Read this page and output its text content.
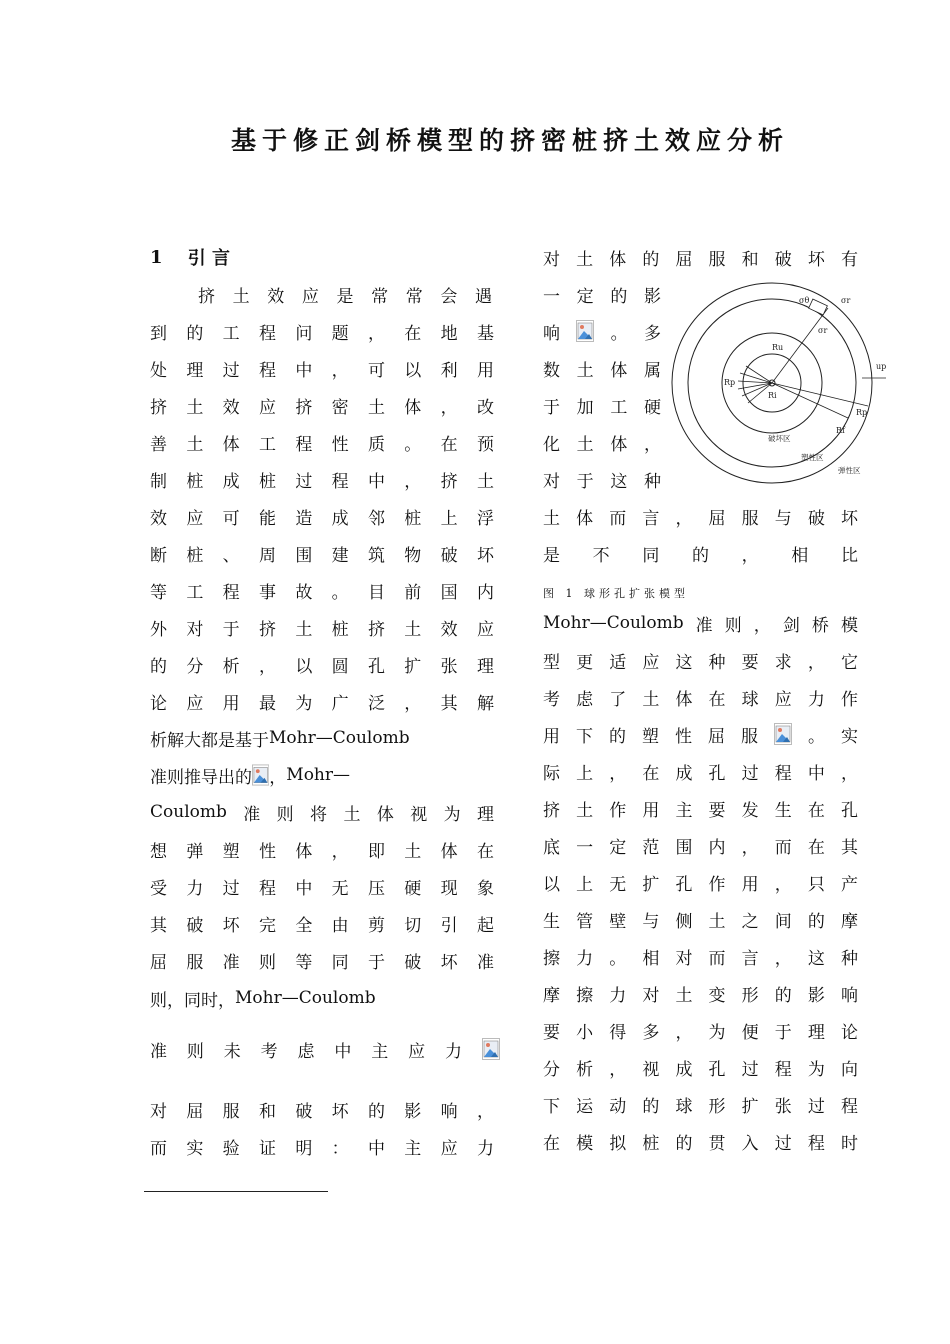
基于修正剑桥模型的挤密桩挤土效应分析
1 引 言
挤 土 效 应 是 常 常 会 遇
到 的 工 程 问 题 ， 在 地 基
处 理 过 程 中 ， 可 以 利 用
挤 土 效 应 挤 密 土 体 ， 改
善 土 体 工 程 性 质 。 在 预
制 桩 成 桩 过 程 中 ， 挤 土
效 应 可 能 造 成 邻 桩 上 浮
断 桩 、 周 围 建 筑 物 破 坏
等 工 程 事 故 。 目 前 国 内
外 对 于 挤 土 桩 挤 土 效 应
的 分 析 ， 以 圆 孔 扩 张 理
论 应 用 最 为 广 泛 ， 其 解
析 解 大 都 是 基 于 Mohr—Coulomb
准 则 推 导 出 的 ， Mohr—
Coulomb 准 则 将 土 体 视 为 理
想 弹 塑 性 体 ， 即 土 体 在
受 力 过 程 中 无 压 硬 现 象
其 破 坏 完 全 由 剪 切 引 起
屈 服 准 则 等 同 于 破 坏 准
则 ， 同 时 ， Mohr—Coulomb
准 则 未 考 虑 中 主 应 力
对 屈 服 和 破 坏 的 影 响 ，
而 实 验 证 明 ： 中 主 应 力
对 土 体 的 屈 服 和 破 坏 有
一 定 的 影
响	。 多
数 土 体 属
于 加 工 硬
化 土 体 ，
对 于 这 种
土 体 而 言 ， 屈 服 与 破 坏
是 不 同 的 ， 相 比
Mohr—Coulomb 准 则 ， 剑 桥 模
型 更 适 应 这 种 要 求 ， 它
考 虑 了 土 体 在 球 应 力 作
用 下 的 塑 性 屈 服	。 实
际 上 ， 在 成 孔 过 程 中 ，
挤 土 作 用 主 要 发 生 在 孔
底 一 定 范 围 内 ， 而 在 其
以 上 无 扩 孔 作 用 ， 只 产
生 管 壁 与 侧 土 之 间 的 摩
擦 力 。 相 对 而 言 ， 这 种
摩 擦 力 对 土 变 形 的 影 响
要 小 得 多 ， 为 便 于 理 论
分 析 ， 视 成 孔 过 程 为 向
下 运 动 的 球 形 扩 张 过 程
在 模 拟 桩 的 贯 入 过 程 时
图 1 球形孔扩张模型
σθ	σr
σr
Ru
Rp
Ri
Rp
Rf
up
破坏区
塑性区
弹性区
